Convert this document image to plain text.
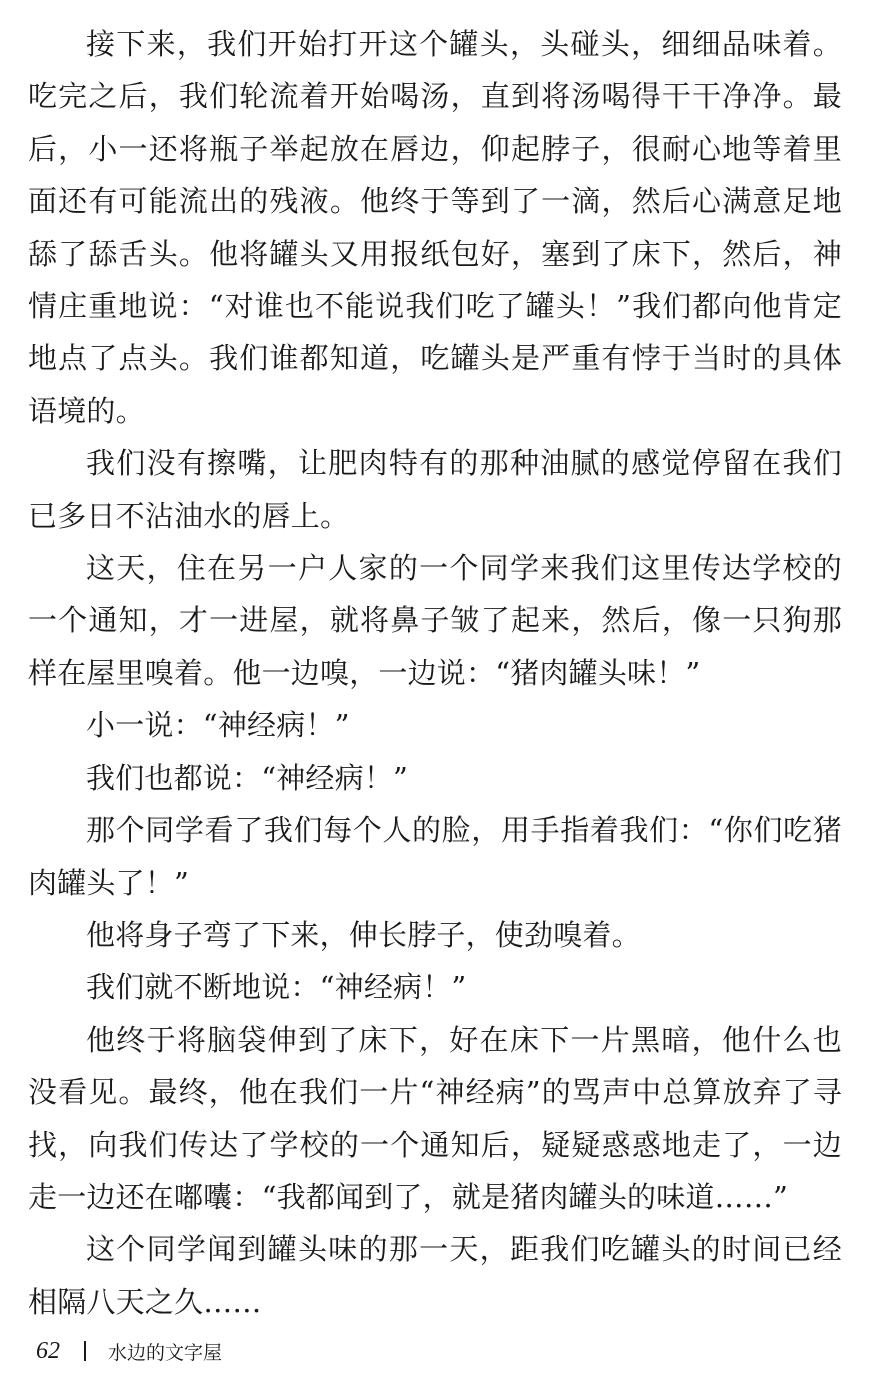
接下来，我们开始打开这个罐头，头碰头，细细品味着。吃完之后，我们轮流着开始喝汤，直到将汤喝得干干净净。最后，小一还将瓶子举起放在唇边，仰起脖子，很耐心地等着里面还有可能流出的残液。他终于等到了一滴，然后心满意足地舔了舔舌头。他将罐头又用报纸包好，塞到了床下，然后，神情庄重地说：“对谁也不能说我们吃了罐头！”我们都向他肯定地点了点头。我们谁都知道，吃罐头是严重有悖于当时的具体语境的。

我们没有擦嘴，让肥肉特有的那种油腻的感觉停留在我们已多日不沾油水的唇上。

这天，住在另一户人家的一个同学来我们这里传达学校的一个通知，才一进屋，就将鼻子皱了起来，然后，像一只狗那样在屋里嗅着。他一边嗅，一边说：“猪肉罐头味！”

小一说：“神经病！”

我们也都说：“神经病！”

那个同学看了我们每个人的脸，用手指着我们：“你们吃猪肉罐头了！”

他将身子弯了下来，伸长脖子，使劲嗅着。

我们就不断地说：“神经病！”

他终于将脑袋伸到了床下，好在床下一片黑暗，他什么也没看见。最终，他在我们一片“神经病”的骂声中总算放弃了寻找，向我们传达了学校的一个通知后，疑疑惑惑地走了，一边走一边还在嘟囔：“我都闻到了，就是猪肉罐头的味道……”

这个同学闻到罐头味的那一天，距我们吃罐头的时间已经相隔八天之久……

62	水边的文字屋
